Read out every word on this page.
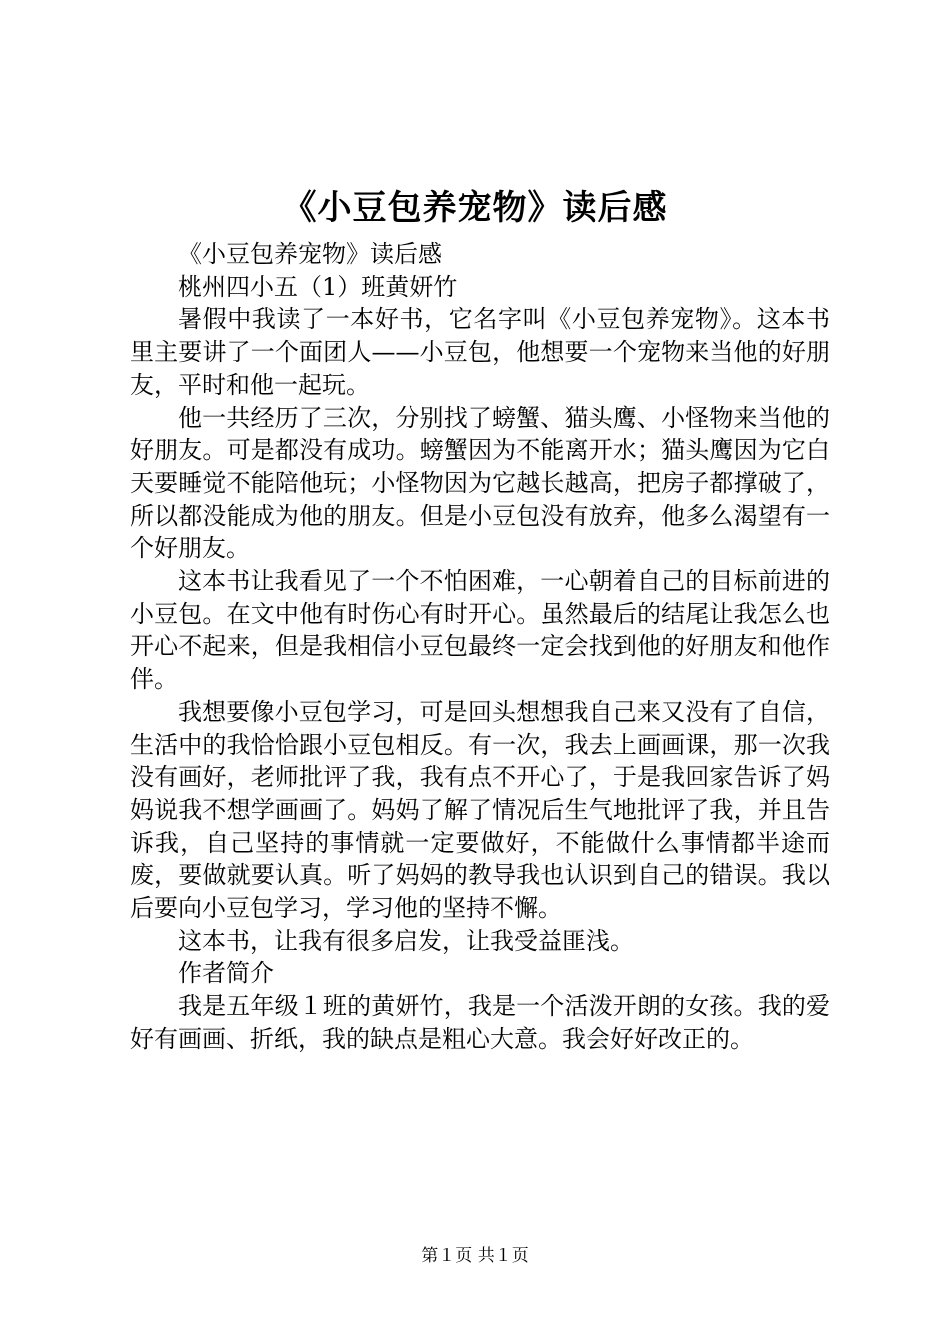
《小豆包养宠物》读后感

《小豆包养宠物》读后感

桃州四小五（1）班黄妍竹

暑假中我读了一本好书，它名字叫《小豆包养宠物》。这本书里主要讲了一个面团人——小豆包，他想要一个宠物来当他的好朋友，平时和他一起玩。

他一共经历了三次，分别找了螃蟹、猫头鹰、小怪物来当他的好朋友。可是都没有成功。螃蟹因为不能离开水；猫头鹰因为它白天要睡觉不能陪他玩；小怪物因为它越长越高，把房子都撑破了，所以都没能成为他的朋友。但是小豆包没有放弃，他多么渴望有一个好朋友。

这本书让我看见了一个不怕困难，一心朝着自己的目标前进的小豆包。在文中他有时伤心有时开心。虽然最后的结尾让我怎么也开心不起来，但是我相信小豆包最终一定会找到他的好朋友和他作伴。

我想要像小豆包学习，可是回头想想我自己来又没有了自信，生活中的我恰恰跟小豆包相反。有一次，我去上画画课，那一次我没有画好，老师批评了我，我有点不开心了，于是我回家告诉了妈妈说我不想学画画了。妈妈了解了情况后生气地批评了我，并且告诉我，自己坚持的事情就一定要做好，不能做什么事情都半途而废，要做就要认真。听了妈妈的教导我也认识到自己的错误。我以后要向小豆包学习，学习他的坚持不懈。

这本书，让我有很多启发，让我受益匪浅。

作者简介

我是五年级１班的黄妍竹，我是一个活泼开朗的女孩。我的爱好有画画、折纸，我的缺点是粗心大意。我会好好改正的。

第１页 共１页
